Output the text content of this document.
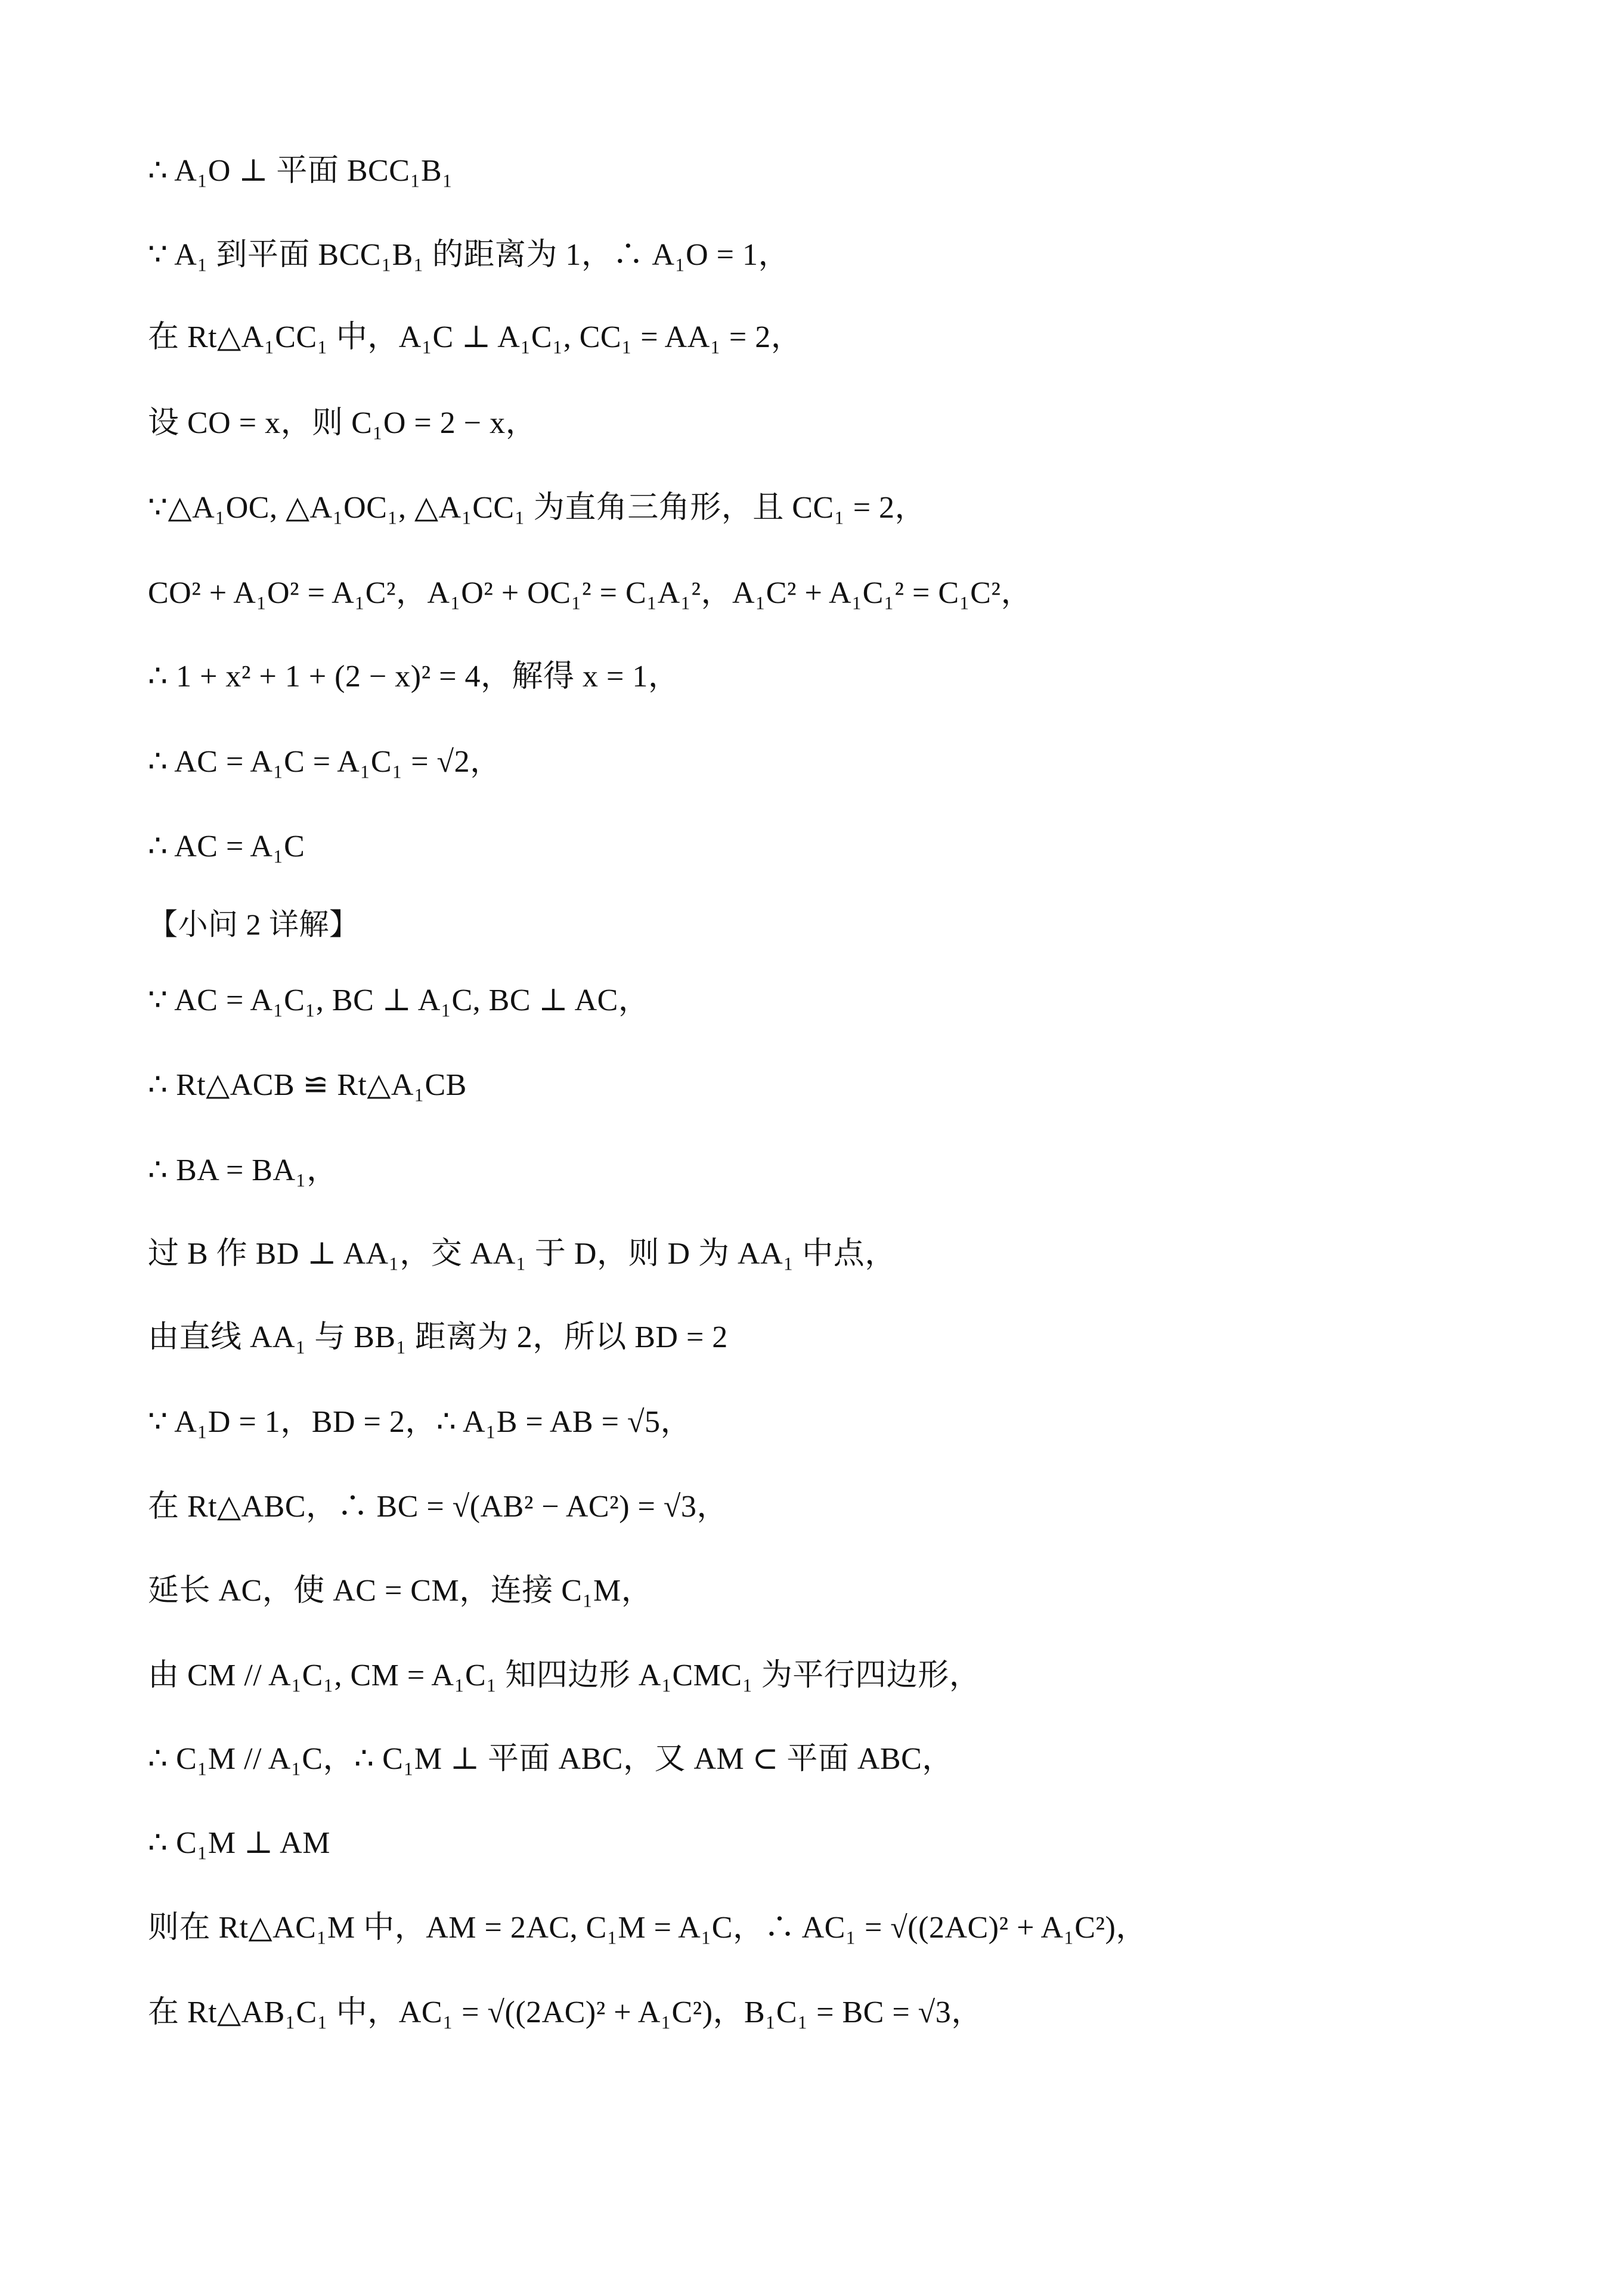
∴ A₁O ⊥ 平面 BCC₁B₁
∵ A₁ 到平面 BCC₁B₁ 的距离为 1，∴ A₁O = 1，
在 Rt△A₁CC₁ 中，A₁C ⊥ A₁C₁, CC₁ = AA₁ = 2，
设 CO = x，则 C₁O = 2 − x，
∵△A₁OC, △A₁OC₁, △A₁CC₁ 为直角三角形，且 CC₁ = 2，
CO² + A₁O² = A₁C²，A₁O² + OC₁² = C₁A₁²，A₁C² + A₁C₁² = C₁C²，
∴ 1 + x² + 1 + (2 − x)² = 4，解得 x = 1，
∴ AC = A₁C = A₁C₁ = √2，
∴ AC = A₁C
【小问 2 详解】
∵ AC = A₁C₁, BC ⊥ A₁C, BC ⊥ AC，
∴ Rt△ACB ≌ Rt△A₁CB
∴ BA = BA₁，
过 B 作 BD ⊥ AA₁，交 AA₁ 于 D，则 D 为 AA₁ 中点，
由直线 AA₁ 与 BB₁ 距离为 2，所以 BD = 2
∵ A₁D = 1，BD = 2，∴ A₁B = AB = √5，
在 Rt△ABC，∴ BC = √(AB² − AC²) = √3，
延长 AC，使 AC = CM，连接 C₁M，
由 CM // A₁C₁, CM = A₁C₁ 知四边形 A₁CMC₁ 为平行四边形，
∴ C₁M // A₁C，∴ C₁M ⊥ 平面 ABC，又 AM ⊂ 平面 ABC，
∴ C₁M ⊥ AM
则在 Rt△AC₁M 中，AM = 2AC, C₁M = A₁C，∴ AC₁ = √((2AC)² + A₁C²)，
在 Rt△AB₁C₁ 中，AC₁ = √((2AC)² + A₁C²)，B₁C₁ = BC = √3，
